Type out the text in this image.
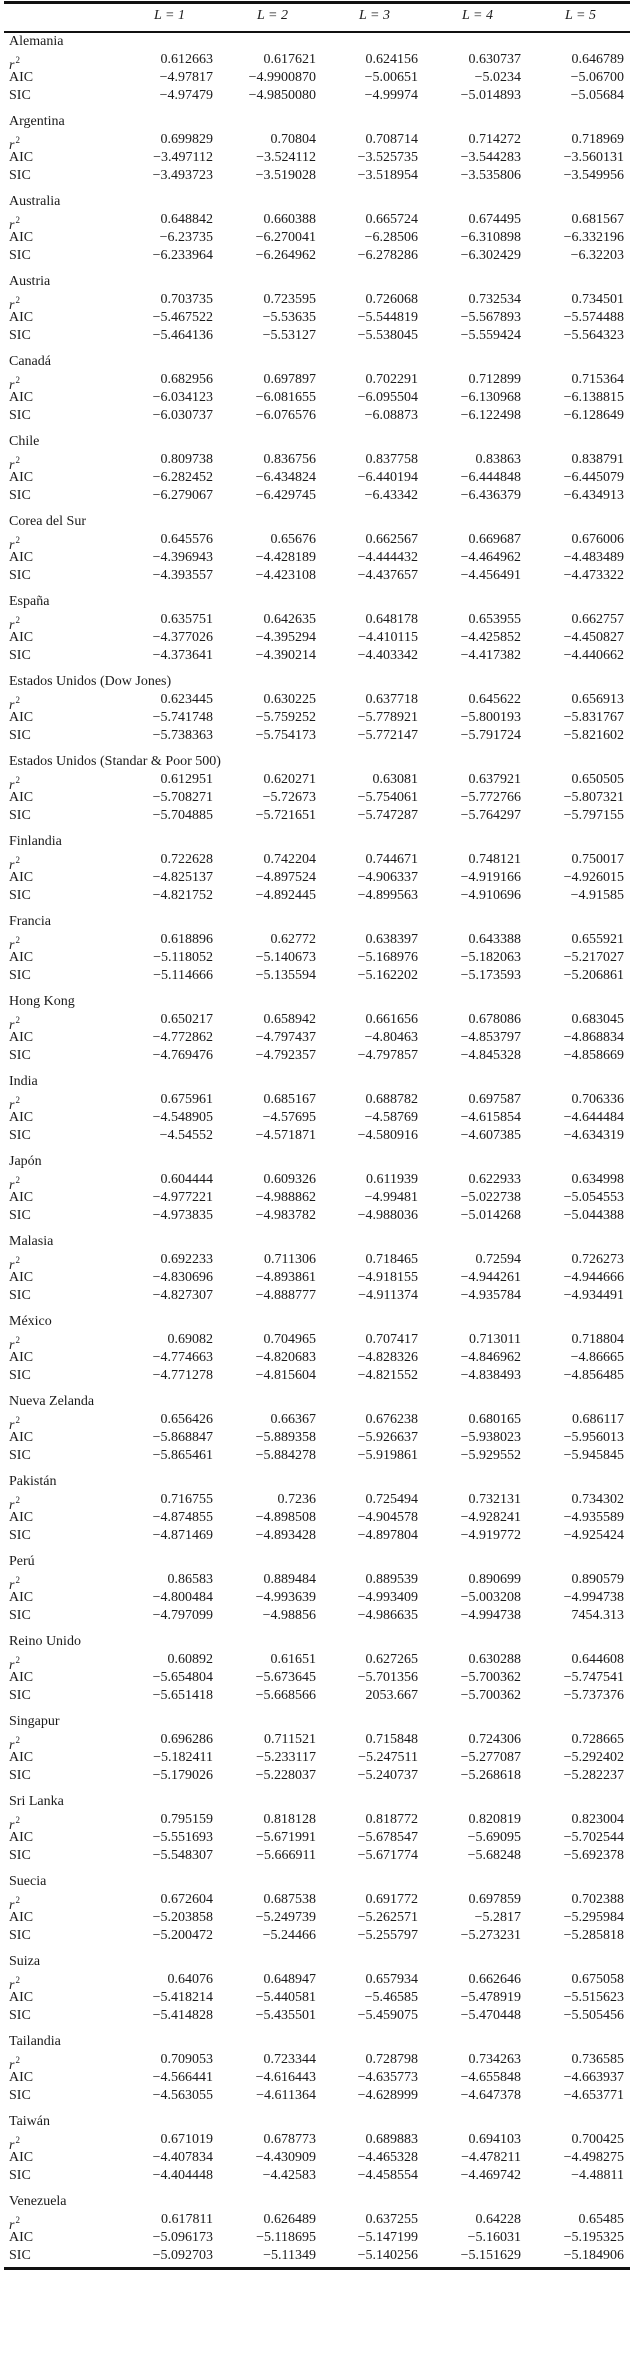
L = 1	L = 2	L = 3	L = 4	L = 5
Alemania
$r^2$	0.612663	0.617621	0.624156	0.630737	0.646789
AIC	−4.97817	−4.9900870	−5.00651	−5.0234	−5.06700
SIC	−4.97479	−4.9850080	−4.99974	−5.014893	−5.05684
Argentina
$r^2$	0.699829	0.70804	0.708714	0.714272	0.718969
AIC	−3.497112	−3.524112	−3.525735	−3.544283	−3.560131
SIC	−3.493723	−3.519028	−3.518954	−3.535806	−3.549956
Australia
$r^2$	0.648842	0.660388	0.665724	0.674495	0.681567
AIC	−6.23735	−6.270041	−6.28506	−6.310898	−6.332196
SIC	−6.233964	−6.264962	−6.278286	−6.302429	−6.32203
Austria
$r^2$	0.703735	0.723595	0.726068	0.732534	0.734501
AIC	−5.467522	−5.53635	−5.544819	−5.567893	−5.574488
SIC	−5.464136	−5.53127	−5.538045	−5.559424	−5.564323
Canadá
$r^2$	0.682956	0.697897	0.702291	0.712899	0.715364
AIC	−6.034123	−6.081655	−6.095504	−6.130968	−6.138815
SIC	−6.030737	−6.076576	−6.08873	−6.122498	−6.128649
Chile
$r^2$	0.809738	0.836756	0.837758	0.83863	0.838791
AIC	−6.282452	−6.434824	−6.440194	−6.444848	−6.445079
SIC	−6.279067	−6.429745	−6.43342	−6.436379	−6.434913
Corea del Sur
$r^2$	0.645576	0.65676	0.662567	0.669687	0.676006
AIC	−4.396943	−4.428189	−4.444432	−4.464962	−4.483489
SIC	−4.393557	−4.423108	−4.437657	−4.456491	−4.473322
España
$r^2$	0.635751	0.642635	0.648178	0.653955	0.662757
AIC	−4.377026	−4.395294	−4.410115	−4.425852	−4.450827
SIC	−4.373641	−4.390214	−4.403342	−4.417382	−4.440662
Estados Unidos (Dow Jones)
$r^2$	0.623445	0.630225	0.637718	0.645622	0.656913
AIC	−5.741748	−5.759252	−5.778921	−5.800193	−5.831767
SIC	−5.738363	−5.754173	−5.772147	−5.791724	−5.821602
Estados Unidos (Standar & Poor 500)
$r^2$	0.612951	0.620271	0.63081	0.637921	0.650505
AIC	−5.708271	−5.72673	−5.754061	−5.772766	−5.807321
SIC	−5.704885	−5.721651	−5.747287	−5.764297	−5.797155
Finlandia
$r^2$	0.722628	0.742204	0.744671	0.748121	0.750017
AIC	−4.825137	−4.897524	−4.906337	−4.919166	−4.926015
SIC	−4.821752	−4.892445	−4.899563	−4.910696	−4.91585
Francia
$r^2$	0.618896	0.62772	0.638397	0.643388	0.655921
AIC	−5.118052	−5.140673	−5.168976	−5.182063	−5.217027
SIC	−5.114666	−5.135594	−5.162202	−5.173593	−5.206861
Hong Kong
$r^2$	0.650217	0.658942	0.661656	0.678086	0.683045
AIC	−4.772862	−4.797437	−4.80463	−4.853797	−4.868834
SIC	−4.769476	−4.792357	−4.797857	−4.845328	−4.858669
India
$r^2$	0.675961	0.685167	0.688782	0.697587	0.706336
AIC	−4.548905	−4.57695	−4.58769	−4.615854	−4.644484
SIC	−4.54552	−4.571871	−4.580916	−4.607385	−4.634319
Japón
$r^2$	0.604444	0.609326	0.611939	0.622933	0.634998
AIC	−4.977221	−4.988862	−4.99481	−5.022738	−5.054553
SIC	−4.973835	−4.983782	−4.988036	−5.014268	−5.044388
Malasia
$r^2$	0.692233	0.711306	0.718465	0.72594	0.726273
AIC	−4.830696	−4.893861	−4.918155	−4.944261	−4.944666
SIC	−4.827307	−4.888777	−4.911374	−4.935784	−4.934491
México
$r^2$	0.69082	0.704965	0.707417	0.713011	0.718804
AIC	−4.774663	−4.820683	−4.828326	−4.846962	−4.86665
SIC	−4.771278	−4.815604	−4.821552	−4.838493	−4.856485
Nueva Zelanda
$r^2$	0.656426	0.66367	0.676238	0.680165	0.686117
AIC	−5.868847	−5.889358	−5.926637	−5.938023	−5.956013
SIC	−5.865461	−5.884278	−5.919861	−5.929552	−5.945845
Pakistán
$r^2$	0.716755	0.7236	0.725494	0.732131	0.734302
AIC	−4.874855	−4.898508	−4.904578	−4.928241	−4.935589
SIC	−4.871469	−4.893428	−4.897804	−4.919772	−4.925424
Perú
$r^2$	0.86583	0.889484	0.889539	0.890699	0.890579
AIC	−4.800484	−4.993639	−4.993409	−5.003208	−4.994738
SIC	−4.797099	−4.98856	−4.986635	−4.994738	7454.313
Reino Unido
$r^2$	0.60892	0.61651	0.627265	0.630288	0.644608
AIC	−5.654804	−5.673645	−5.701356	−5.700362	−5.747541
SIC	−5.651418	−5.668566	2053.667	−5.700362	−5.737376
Singapur
$r^2$	0.696286	0.711521	0.715848	0.724306	0.728665
AIC	−5.182411	−5.233117	−5.247511	−5.277087	−5.292402
SIC	−5.179026	−5.228037	−5.240737	−5.268618	−5.282237
Sri Lanka
$r^2$	0.795159	0.818128	0.818772	0.820819	0.823004
AIC	−5.551693	−5.671991	−5.678547	−5.69095	−5.702544
SIC	−5.548307	−5.666911	−5.671774	−5.68248	−5.692378
Suecia
$r^2$	0.672604	0.687538	0.691772	0.697859	0.702388
AIC	−5.203858	−5.249739	−5.262571	−5.2817	−5.295984
SIC	−5.200472	−5.24466	−5.255797	−5.273231	−5.285818
Suiza
$r^2$	0.64076	0.648947	0.657934	0.662646	0.675058
AIC	−5.418214	−5.440581	−5.46585	−5.478919	−5.515623
SIC	−5.414828	−5.435501	−5.459075	−5.470448	−5.505456
Tailandia
$r^2$	0.709053	0.723344	0.728798	0.734263	0.736585
AIC	−4.566441	−4.616443	−4.635773	−4.655848	−4.663937
SIC	−4.563055	−4.611364	−4.628999	−4.647378	−4.653771
Taiwán
$r^2$	0.671019	0.678773	0.689883	0.694103	0.700425
AIC	−4.407834	−4.430909	−4.465328	−4.478211	−4.498275
SIC	−4.404448	−4.42583	−4.458554	−4.469742	−4.48811
Venezuela
$r^2$	0.617811	0.626489	0.637255	0.64228	0.65485
AIC	−5.096173	−5.118695	−5.147199	−5.16031	−5.195325
SIC	−5.092703	−5.11349	−5.140256	−5.151629	−5.184906
